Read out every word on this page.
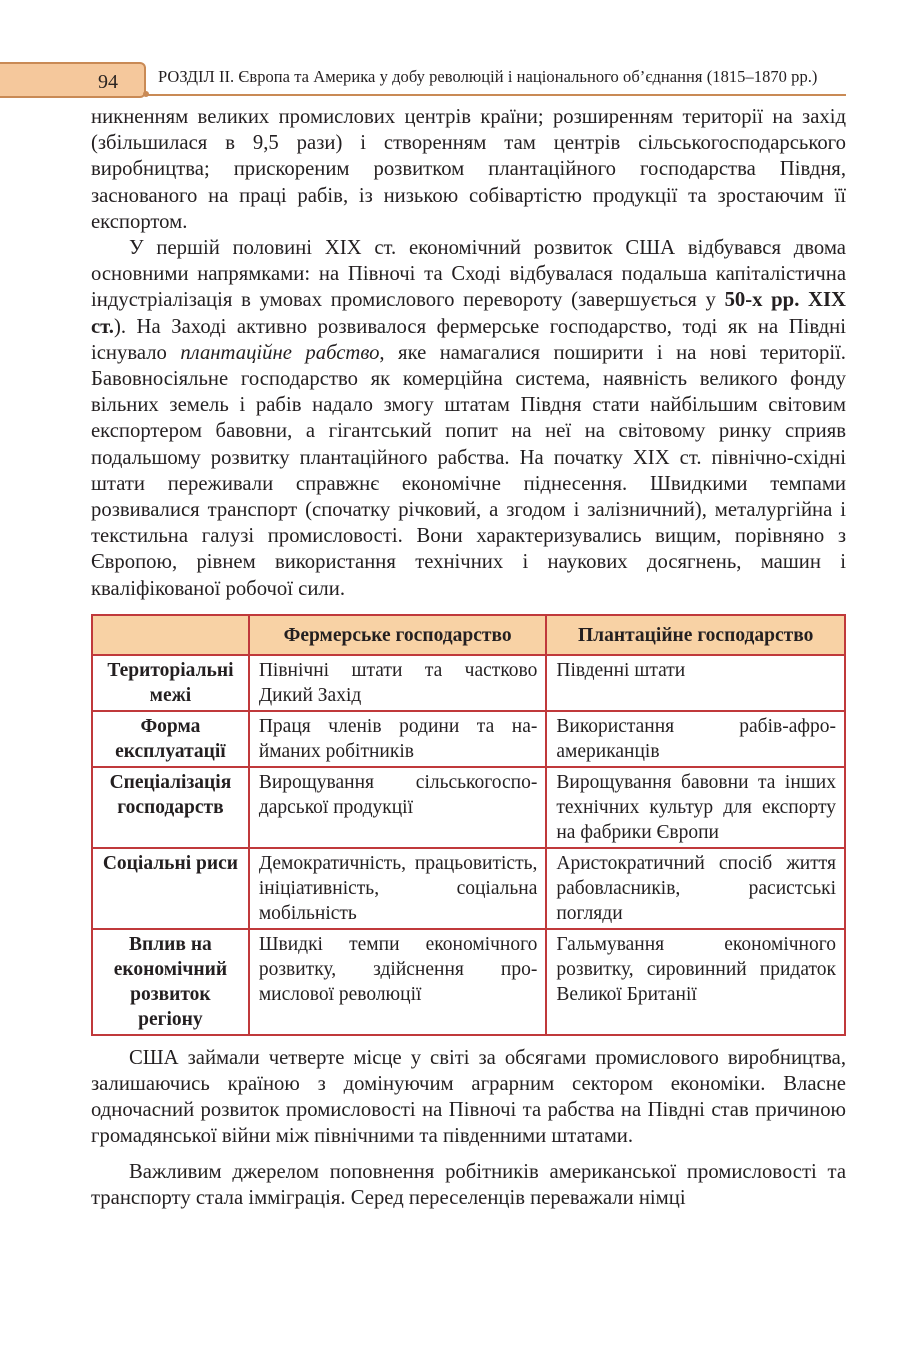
94 РОЗДІЛ ІІ. Європа та Америка у добу революцій і національного об’єднання (1815–1870 рр.)

никненням великих промислових центрів країни; розширенням території на захід (збільшилася в 9,5 рази) і створенням там центрів сільськогосподарського виробництва; прискореним розвитком плантаційного господарства Півдня, заснованого на праці рабів, із низькою собівартістю продукції та зростаючим її експортом.

У першій половині XIX ст. економічний розвиток США відбувався двома основними напрямками: на Півночі та Сході відбувалася подальша капіталістична індустріалізація в умовах промислового перевороту (завершується у 50-х рр. XIX ст.). На Заході активно розвивалося фермерське господарство, тоді як на Півдні існувало плантаційне рабство, яке намагалися поширити і на нові території. Бавовносіяльне господарство як комерційна система, наявність великого фонду вільних земель і рабів надало змогу штатам Півдня стати найбільшим світовим експортером бавовни, а гігантський попит на неї на світовому ринку сприяв подальшому розвитку плантаційного рабства. На початку XIX ст. північно-східні штати переживали справжнє економічне піднесення. Швидкими темпами розвивалися транспорт (спочатку річковий, а згодом і залізничний), металургійна і текстильна галузі промисловості. Вони характеризувались вищим, порівняно з Європою, рівнем використання технічних і наукових досягнень, машин і кваліфікованої робочої сили.

	Фермерське господарство	Плантаційне господарство
Територіальні межі	Північні штати та частково Дикий Захід	Південні штати
Форма експлуатації	Праця членів родини та найманих робітників	Використання рабів-афроамериканців
Спеціалізація господарств	Вирощування сільськогосподарської продукції	Вирощування бавовни та інших технічних культур для експорту на фабрики Європи
Соціальні риси	Демократичність, працьовитість, ініціативність, соціальна мобільність	Аристократичний спосіб життя рабовласників, расистські погляди
Вплив на економічний розвиток регіону	Швидкі темпи економічного розвитку, здійснення промислової революції	Гальмування економічного розвитку, сировинний придаток Великої Британії

США займали четверте місце у світі за обсягами промислового виробництва, залишаючись країною з домінуючим аграрним сектором економіки. Власне одночасний розвиток промисловості на Півночі та рабства на Півдні став причиною громадянської війни між північними та південними штатами.

Важливим джерелом поповнення робітників американської промисловості та транспорту стала імміграція. Серед переселенців переважали німці
